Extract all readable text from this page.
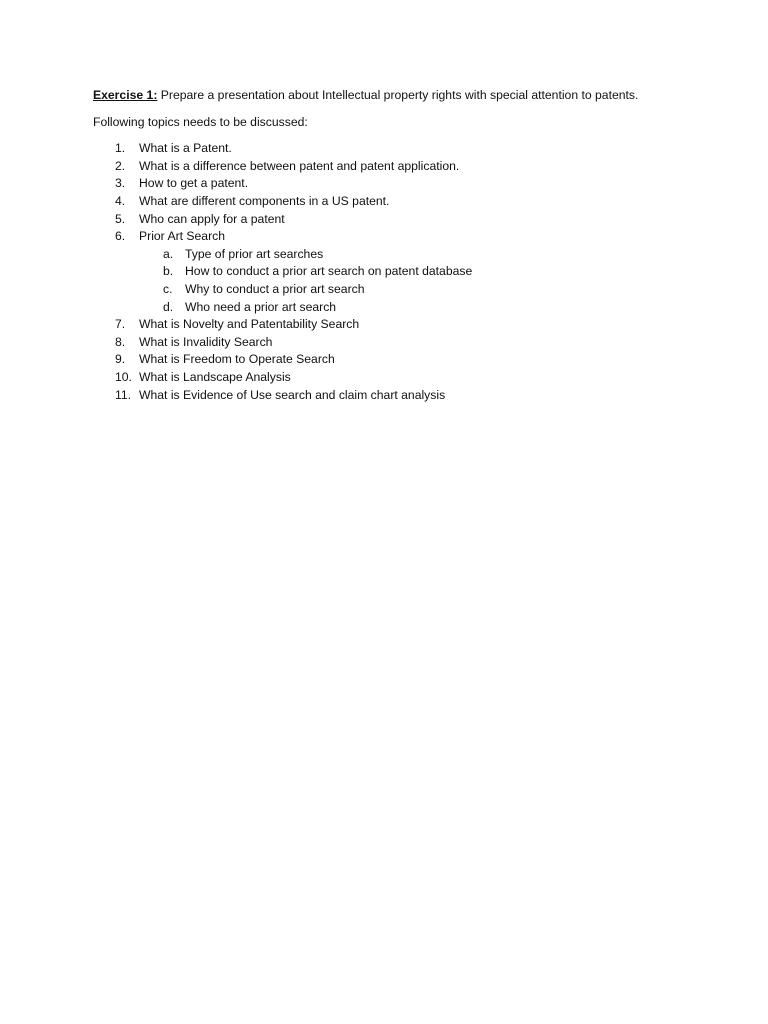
Exercise 1: Prepare a presentation about Intellectual property rights with special attention to patents.

Following topics needs to be discussed:

1.	What is a Patent.
2.	What is a difference between patent and patent application.
3.	How to get a patent.
4.	What are different components in a US patent.
5.	Who can apply for a patent
6.	Prior Art Search
a. Type of prior art searches
b. How to conduct a prior art search on patent database
c.	Why to conduct a prior art search
d. Who need a prior art search
7.	What is Novelty and Patentability Search
8.	What is Invalidity Search
9.	What is Freedom to Operate Search
10. What is Landscape Analysis
11. What is Evidence of Use search and claim chart analysis
